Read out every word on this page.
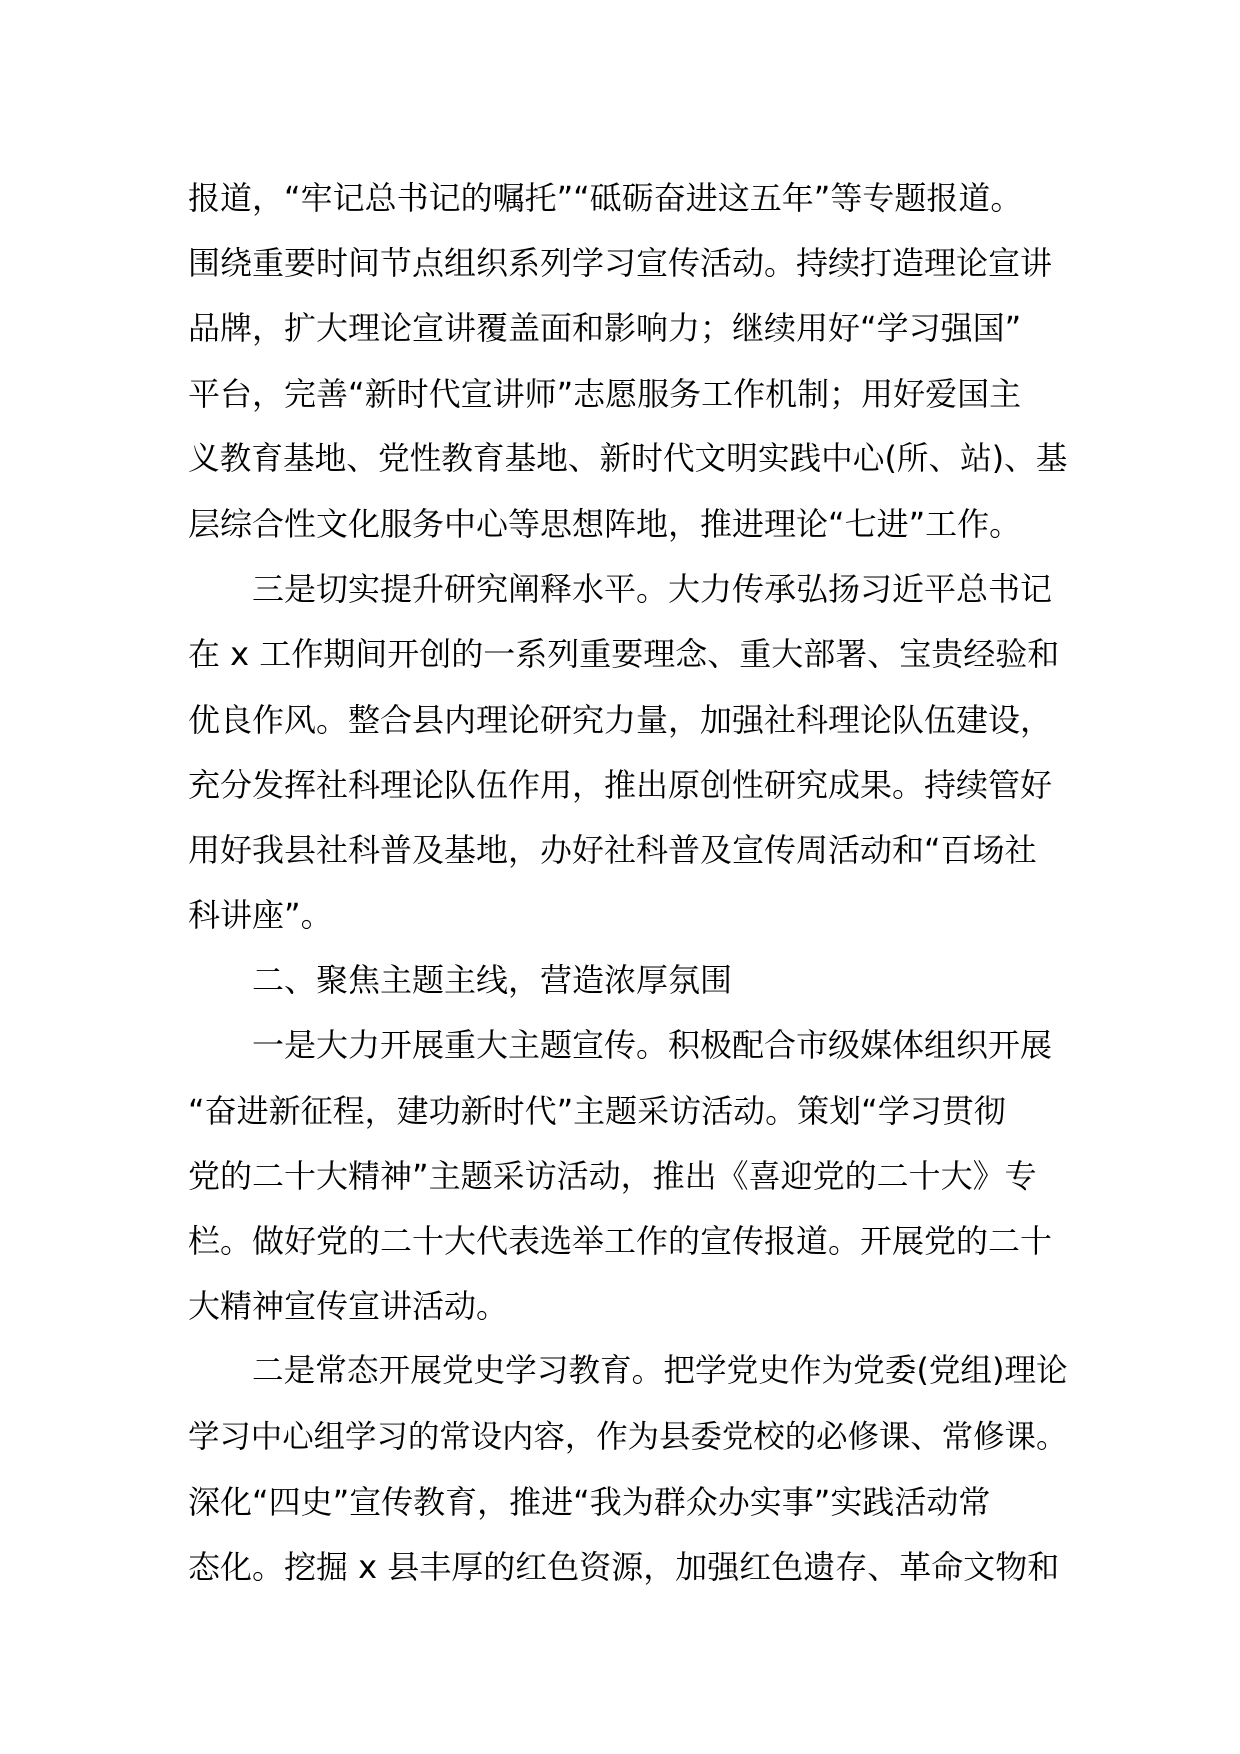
报道，“牢记总书记的嘱托”“砥砺奋进这五年”等专题报道。
围绕重要时间节点组织系列学习宣传活动。持续打造理论宣讲
品牌，扩大理论宣讲覆盖面和影响力；继续用好“学习强国”
平台，完善“新时代宣讲师”志愿服务工作机制；用好爱国主
义教育基地、党性教育基地、新时代文明实践中心(所、站)、基
层综合性文化服务中心等思想阵地，推进理论“七进”工作。
三是切实提升研究阐释水平。大力传承弘扬习近平总书记
在 x 工作期间开创的一系列重要理念、重大部署、宝贵经验和
优良作风。整合县内理论研究力量，加强社科理论队伍建设，
充分发挥社科理论队伍作用，推出原创性研究成果。持续管好
用好我县社科普及基地，办好社科普及宣传周活动和“百场社
科讲座”。
二、聚焦主题主线，营造浓厚氛围
一是大力开展重大主题宣传。积极配合市级媒体组织开展
“奋进新征程，建功新时代”主题采访活动。策划“学习贯彻
党的二十大精神”主题采访活动，推出《喜迎党的二十大》专
栏。做好党的二十大代表选举工作的宣传报道。开展党的二十
大精神宣传宣讲活动。
二是常态开展党史学习教育。把学党史作为党委(党组)理论
学习中心组学习的常设内容，作为县委党校的必修课、常修课。
深化“四史”宣传教育，推进“我为群众办实事”实践活动常
态化。挖掘 x 县丰厚的红色资源，加强红色遗存、革命文物和
